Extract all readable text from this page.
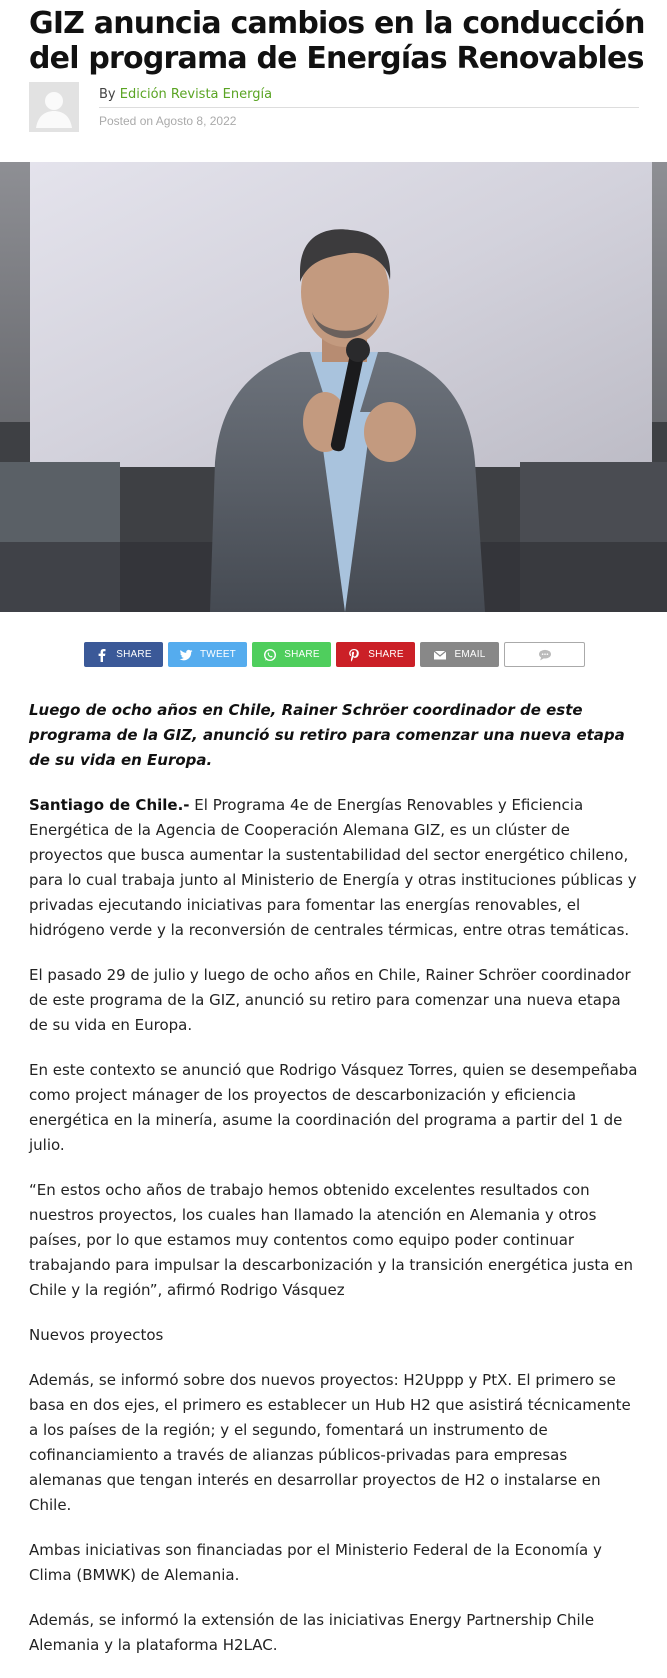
GIZ anuncia cambios en la conducción del programa de Energías Renovables
By Edición Revista Energía
Posted on Agosto 8, 2022
SHARE	TWEET	SHARE	SHARE	EMAIL

Luego de ocho años en Chile, Rainer Schröer coordinador de este programa de la GIZ, anunció su retiro para comenzar una nueva etapa de su vida en Europa.

Santiago de Chile.- El Programa 4e de Energías Renovables y Eficiencia Energética de la Agencia de Cooperación Alemana GIZ, es un clúster de proyectos que busca aumentar la sustentabilidad del sector energético chileno, para lo cual trabaja junto al Ministerio de Energía y otras instituciones públicas y privadas ejecutando iniciativas para fomentar las energías renovables, el hidrógeno verde y la reconversión de centrales térmicas, entre otras temáticas.

El pasado 29 de julio y luego de ocho años en Chile, Rainer Schröer coordinador de este programa de la GIZ, anunció su retiro para comenzar una nueva etapa de su vida en Europa.

En este contexto se anunció que Rodrigo Vásquez Torres, quien se desempeñaba como project mánager de los proyectos de descarbonización y eficiencia energética en la minería, asume la coordinación del programa a partir del 1 de julio.

“En estos ocho años de trabajo hemos obtenido excelentes resultados con nuestros proyectos, los cuales han llamado la atención en Alemania y otros países, por lo que estamos muy contentos como equipo poder continuar trabajando para impulsar la descarbonización y la transición energética justa en Chile y la región”, afirmó Rodrigo Vásquez

Nuevos proyectos

Además, se informó sobre dos nuevos proyectos: H2Uppp y PtX. El primero se basa en dos ejes, el primero es establecer un Hub H2 que asistirá técnicamente a los países de la región; y el segundo, fomentará un instrumento de cofinanciamiento a través de alianzas públicos-privadas para empresas alemanas que tengan interés en desarrollar proyectos de H2 o instalarse en Chile.

Ambas iniciativas son financiadas por el Ministerio Federal de la Economía y Clima (BMWK) de Alemania.

Además, se informó la extensión de las iniciativas Energy Partnership Chile Alemania y la plataforma H2LAC.
